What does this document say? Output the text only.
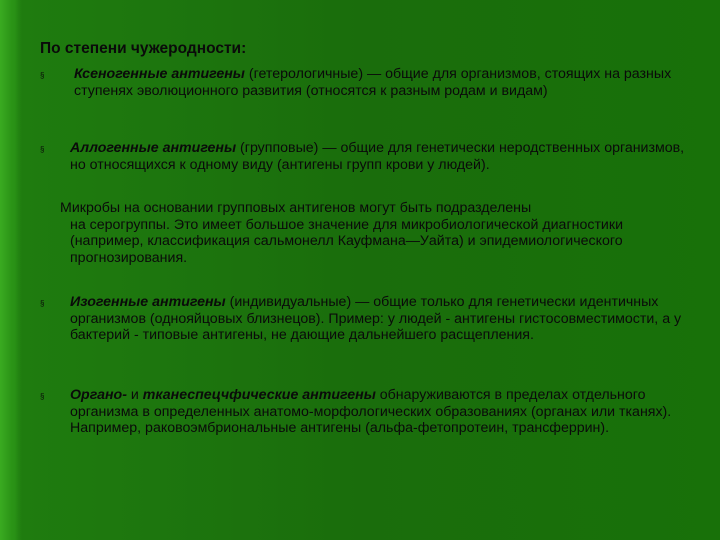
По степени чужеродности:
§ Ксеногенные антигены (гетерологичные) — общие для организмов, стоящих на разных ступенях эволюционного развития (относятся к разным родам и видам)

§ Аллогенные антигены (групповые) — общие для генетически неродственных организмов, но относящихся к одному виду (антигены групп крови у людей).

Микробы на основании групповых антигенов могут быть подразделены
на серогруппы. Это имеет большое значение для микробиологической диагностики (например, классификация сальмонелл Кауфмана—Уайта) и эпидемиологического прогнозирования.

§ Изогенные антигены (индивидуальные) — общие только для генетически идентичных организмов (однояйцовых близнецов). Пример: у людей - антигены гистосовместимости, а у бактерий - типовые антигены, не дающие дальнейшего расщепления.

§ Органо- и тканеспецчфические антигены обнаруживаются в пределах отдельного организма в определенных анатомо-морфологических образованиях (органах или тканях). Например, раковоэмбриональные антигены (альфа-фетопротеин, трансферрин).
